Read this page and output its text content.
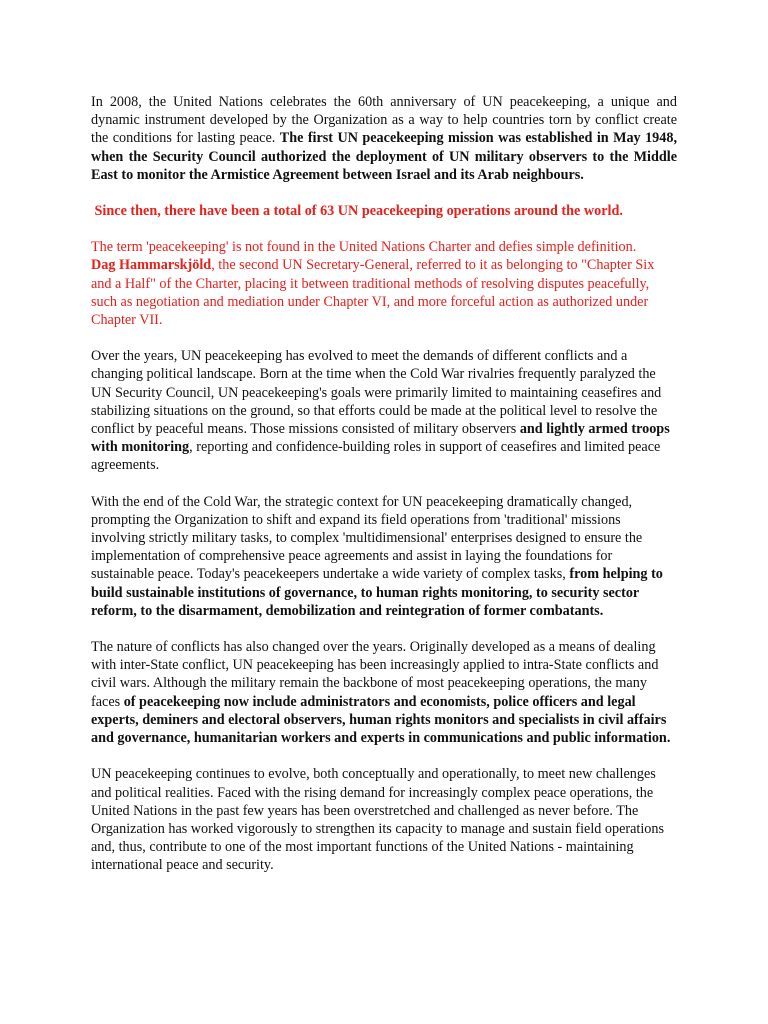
In 2008, the United Nations celebrates the 60th anniversary of UN peacekeeping, a unique and dynamic instrument developed by the Organization as a way to help countries torn by conflict create the conditions for lasting peace. The first UN peacekeeping mission was established in May 1948, when the Security Council authorized the deployment of UN military observers to the Middle East to monitor the Armistice Agreement between Israel and its Arab neighbours.

Since then, there have been a total of 63 UN peacekeeping operations around the world.

The term 'peacekeeping' is not found in the United Nations Charter and defies simple definition.
Dag Hammarskjöld, the second UN Secretary-General, referred to it as belonging to "Chapter Six and a Half" of the Charter, placing it between traditional methods of resolving disputes peacefully, such as negotiation and mediation under Chapter VI, and more forceful action as authorized under Chapter VII.

Over the years, UN peacekeeping has evolved to meet the demands of different conflicts and a changing political landscape. Born at the time when the Cold War rivalries frequently paralyzed the UN Security Council, UN peacekeeping's goals were primarily limited to maintaining ceasefires and stabilizing situations on the ground, so that efforts could be made at the political level to resolve the conflict by peaceful means. Those missions consisted of military observers and lightly armed troops with monitoring, reporting and confidence-building roles in support of ceasefires and limited peace agreements.

With the end of the Cold War, the strategic context for UN peacekeeping dramatically changed, prompting the Organization to shift and expand its field operations from 'traditional' missions involving strictly military tasks, to complex 'multidimensional' enterprises designed to ensure the implementation of comprehensive peace agreements and assist in laying the foundations for sustainable peace. Today's peacekeepers undertake a wide variety of complex tasks, from helping to build sustainable institutions of governance, to human rights monitoring, to security sector reform, to the disarmament, demobilization and reintegration of former combatants.

The nature of conflicts has also changed over the years. Originally developed as a means of dealing with inter-State conflict, UN peacekeeping has been increasingly applied to intra-State conflicts and civil wars. Although the military remain the backbone of most peacekeeping operations, the many faces of peacekeeping now include administrators and economists, police officers and legal experts, deminers and electoral observers, human rights monitors and specialists in civil affairs and governance, humanitarian workers and experts in communications and public information.

UN peacekeeping continues to evolve, both conceptually and operationally, to meet new challenges and political realities. Faced with the rising demand for increasingly complex peace operations, the United Nations in the past few years has been overstretched and challenged as never before. The Organization has worked vigorously to strengthen its capacity to manage and sustain field operations and, thus, contribute to one of the most important functions of the United Nations - maintaining international peace and security.
